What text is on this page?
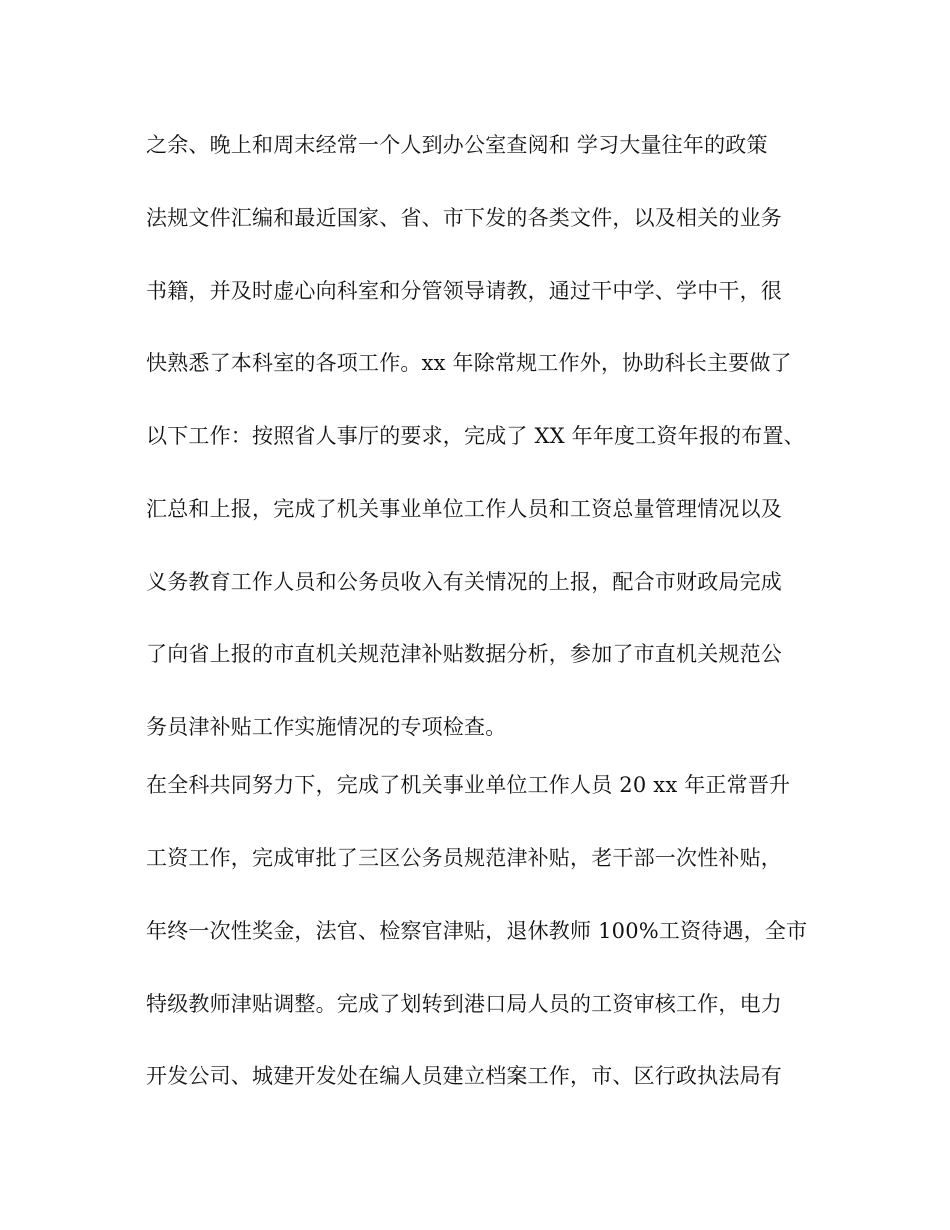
之余、晚上和周末经常一个人到办公室查阅和 学习大量往年的政策
法规文件汇编和最近国家、省、市下发的各类文件，以及相关的业务
书籍，并及时虚心向科室和分管领导请教，通过干中学、学中干，很
快熟悉了本科室的各项工作。xx 年除常规工作外，协助科长主要做了
以下工作：按照省人事厅的要求，完成了 XX 年年度工资年报的布置、
汇总和上报，完成了机关事业单位工作人员和工资总量管理情况以及
义务教育工作人员和公务员收入有关情况的上报，配合市财政局完成
了向省上报的市直机关规范津补贴数据分析，参加了市直机关规范公
务员津补贴工作实施情况的专项检查。
在全科共同努力下，完成了机关事业单位工作人员 20 xx 年正常晋升
工资工作，完成审批了三区公务员规范津补贴，老干部一次性补贴，
年终一次性奖金，法官、检察官津贴，退休教师 100%工资待遇，全市
特级教师津贴调整。完成了划转到港口局人员的工资审核工作，电力
开发公司、城建开发处在编人员建立档案工作，市、区行政执法局有
